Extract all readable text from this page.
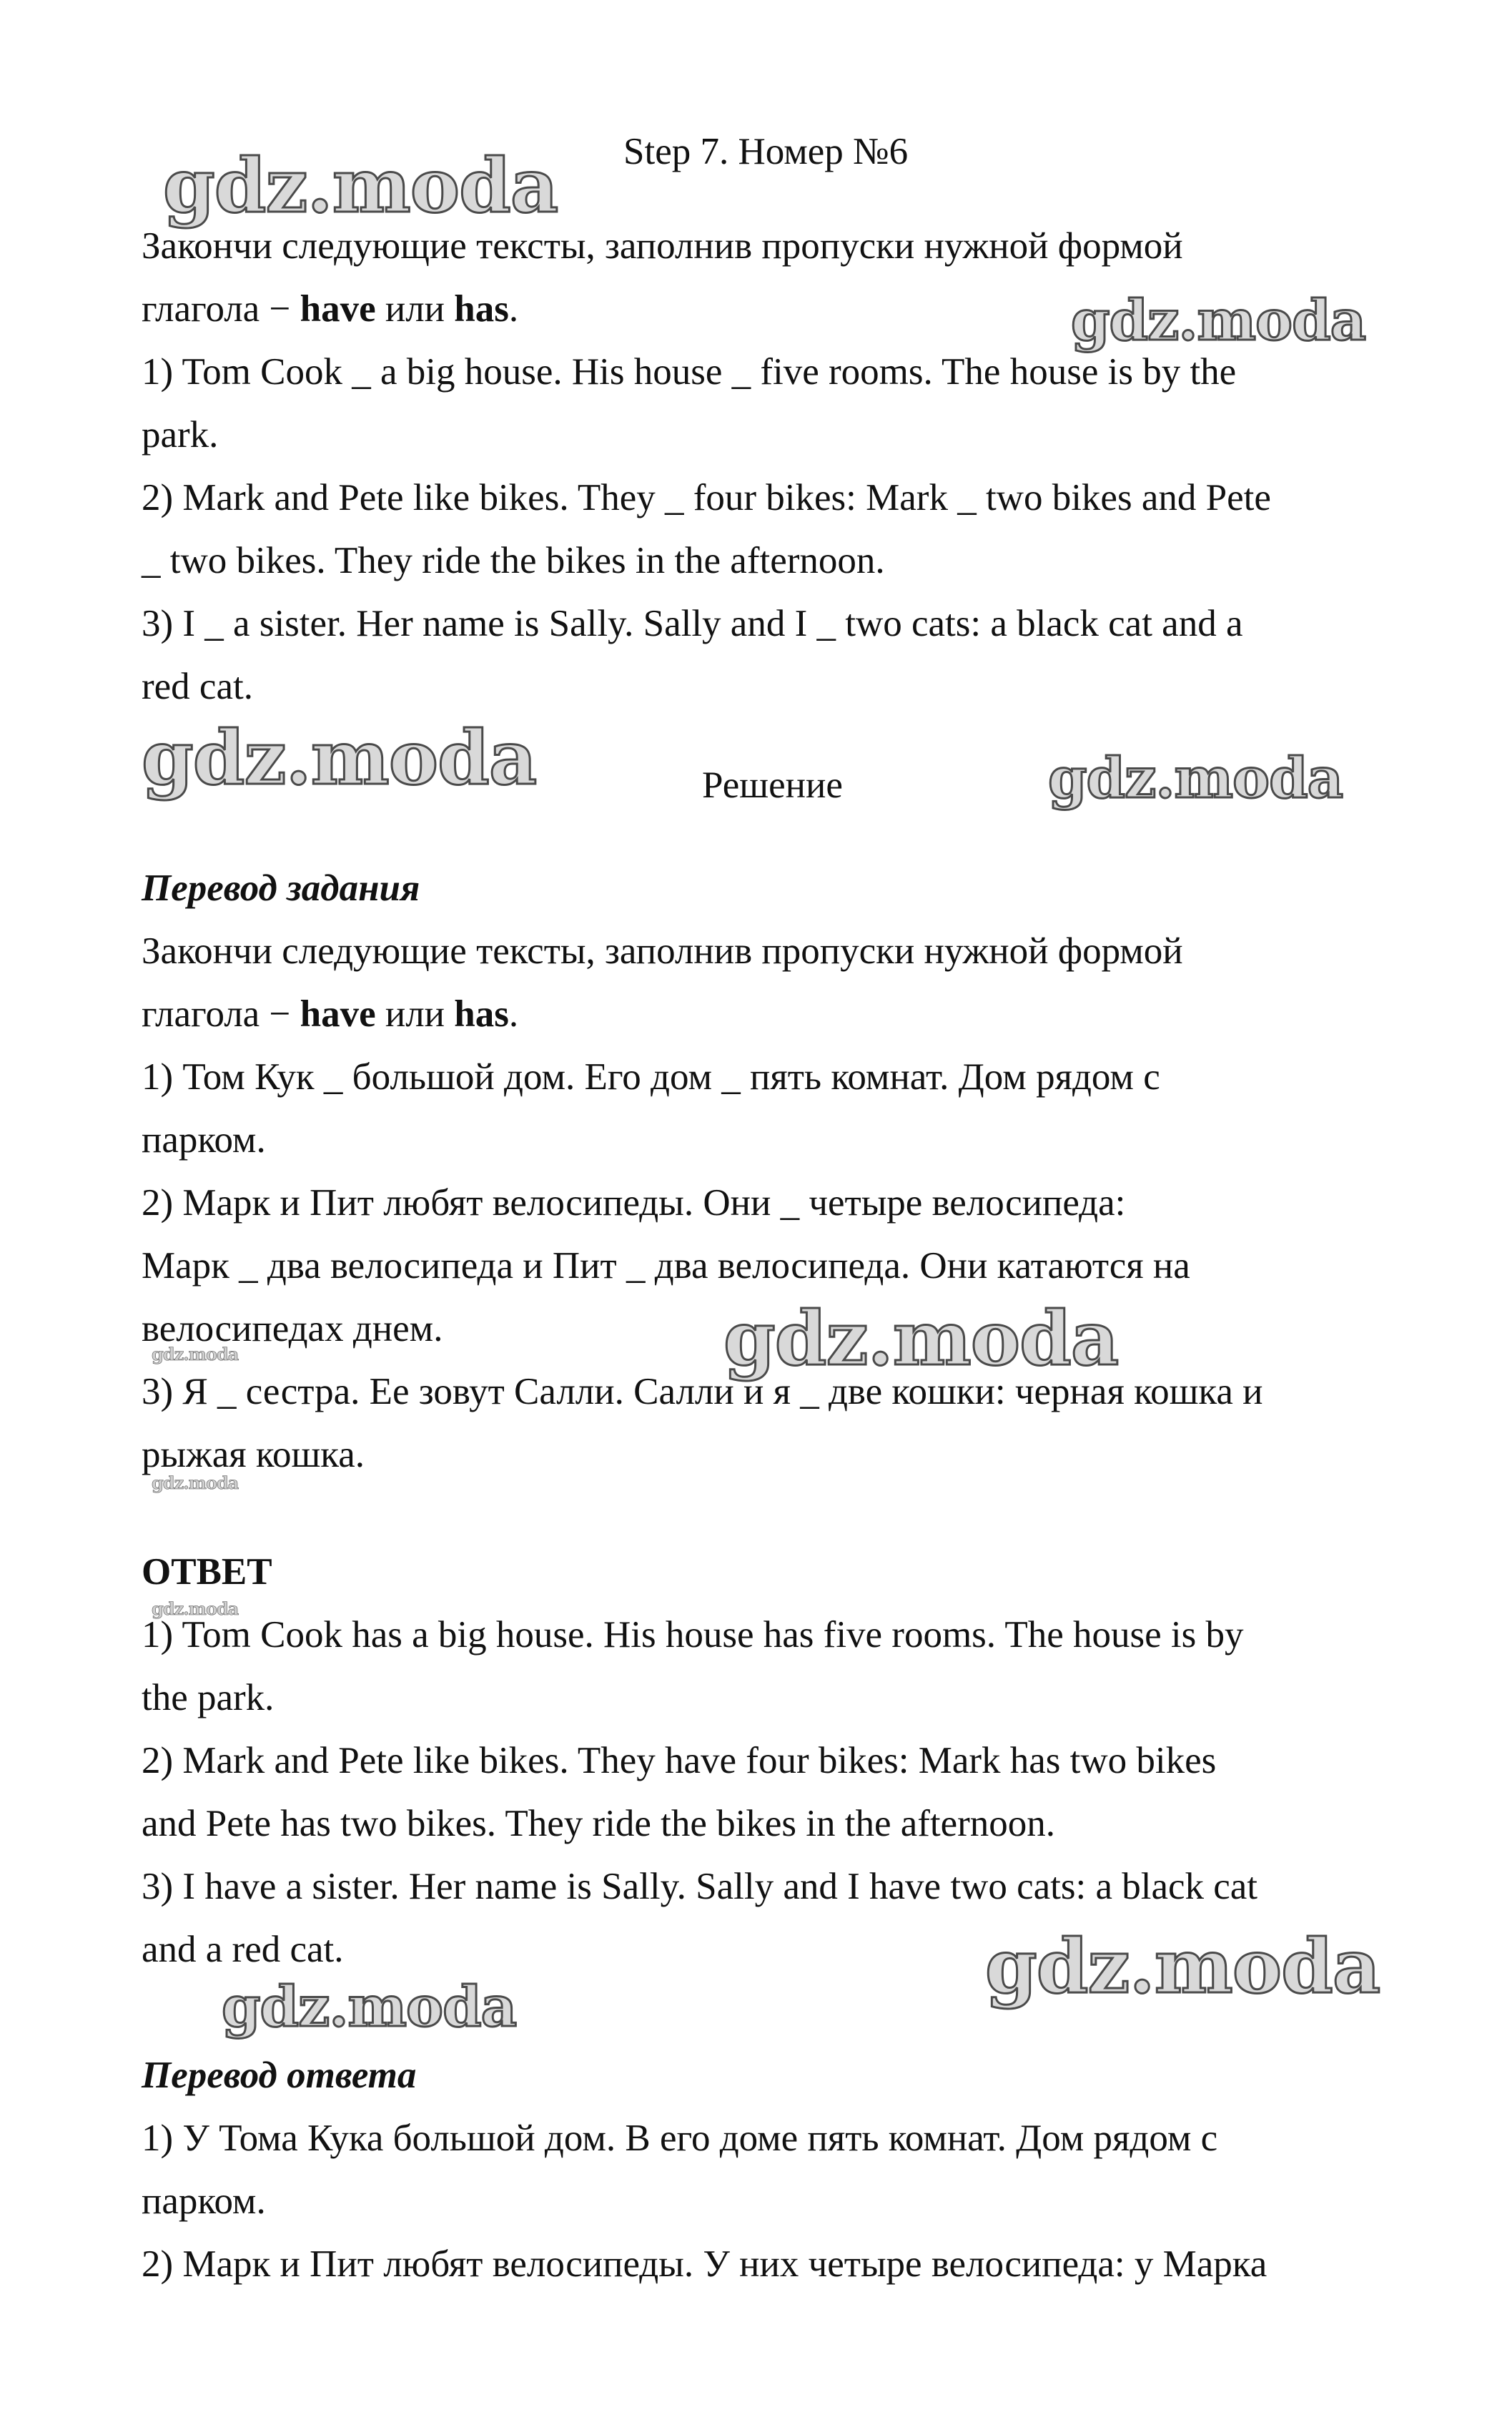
gdz.moda
gdz.moda
gdz.moda	gdz.moda
gdz.moda
gdz.moda
gdz.moda
gdz.moda
gdz.moda
gdz.moda
Step 7. Номер №6
Закончи следующие тексты, заполнив пропуски нужной формой
глагола − have или has.
1) Tom Cook _ a big house. His house _ five rooms. The house is by the
park.
2) Mark and Pete like bikes. They _ four bikes: Mark _ two bikes and Pete
_ two bikes. They ride the bikes in the afternoon.
3) I _ a sister. Her name is Sally. Sally and I _ two cats: a black cat and a
red cat.
Решение
Перевод задания
Закончи следующие тексты, заполнив пропуски нужной формой
глагола − have или has.
1) Том Кук _ большой дом. Его дом _ пять комнат. Дом рядом с
парком.
2) Марк и Пит любят велосипеды. Они _ четыре велосипеда:
Марк _ два велосипеда и Пит _ два велосипеда. Они катаются на
велосипедах днем.
3) Я _ сестра. Ее зовут Салли. Салли и я _ две кошки: черная кошка и
рыжая кошка.
ОТВЕТ
1) Tom Cook has a big house. His house has five rooms. The house is by
the park.
2) Mark and Pete like bikes. They have four bikes: Mark has two bikes
and Pete has two bikes. They ride the bikes in the afternoon.
3) I have a sister. Her name is Sally. Sally and I have two cats: a black cat
and a red cat.
Перевод ответа
1) У Тома Кука большой дом. В его доме пять комнат. Дом рядом с
парком.
2) Марк и Пит любят велосипеды. У них четыре велосипеда: у Марка
